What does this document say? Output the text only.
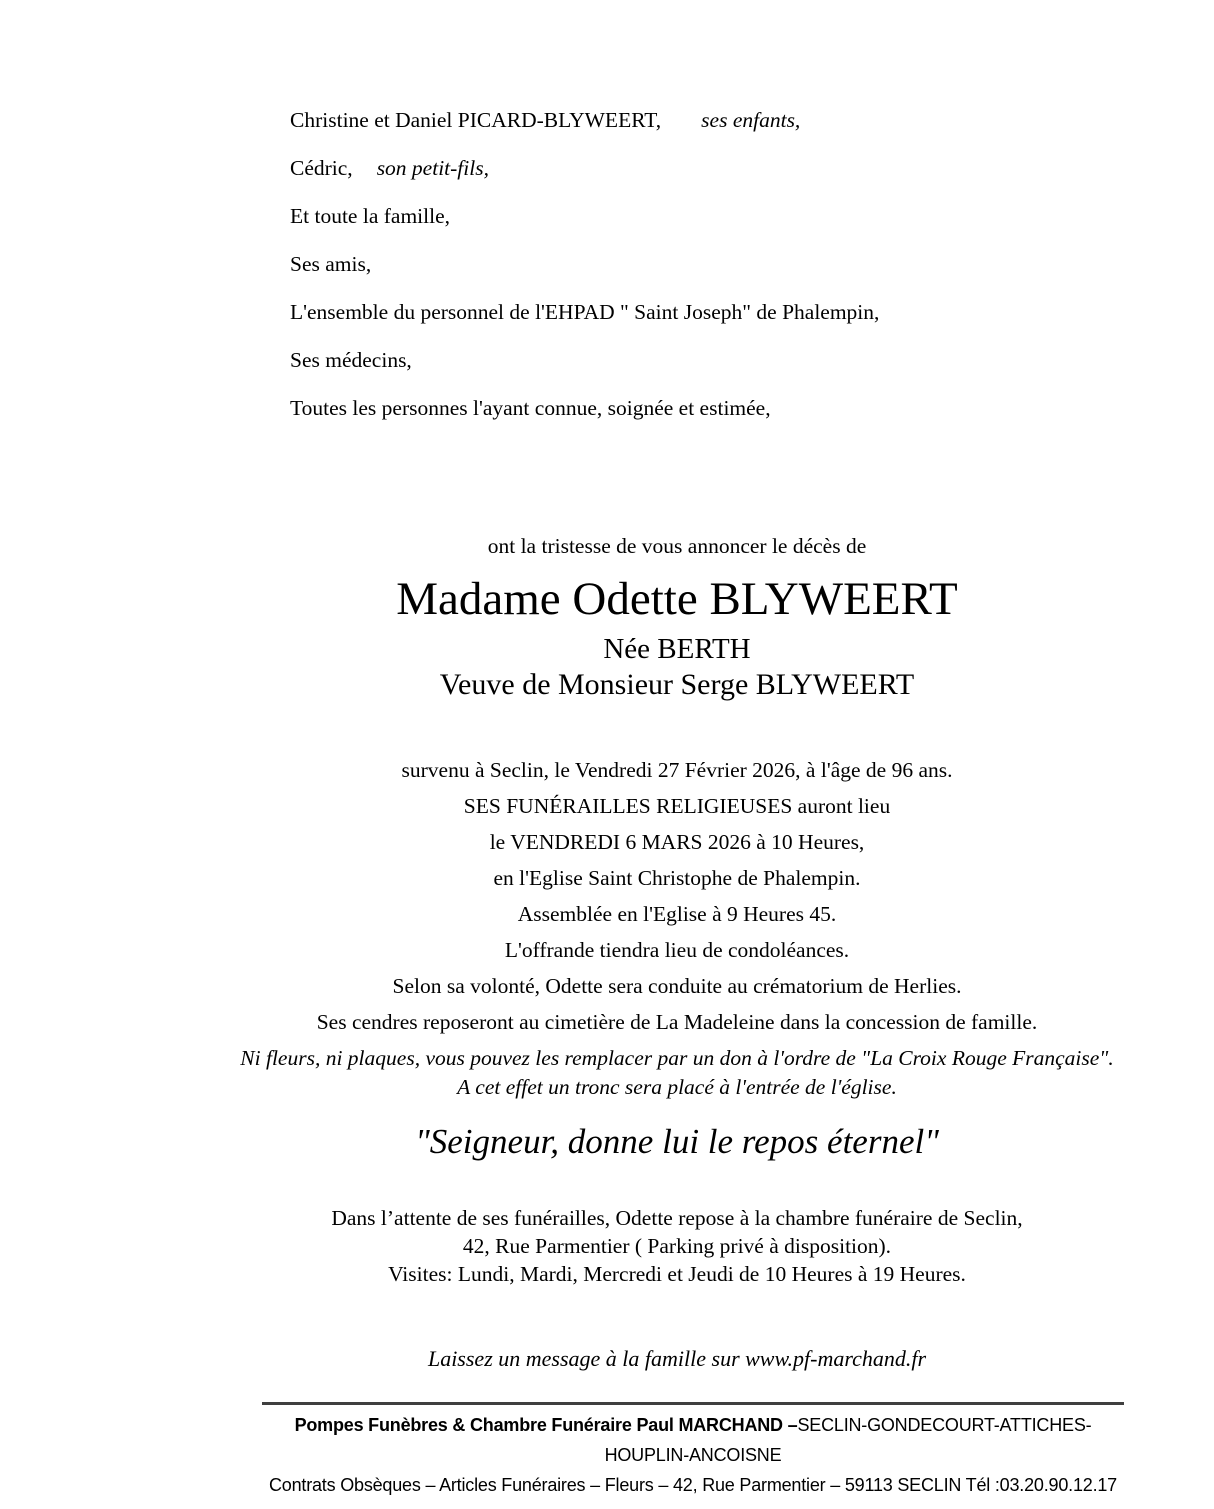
Christine et Daniel PICARD-BLYWEERT, ses enfants,
Cédric, son petit-fils,
Et toute la famille,
Ses amis,
L'ensemble du personnel de l'EHPAD " Saint Joseph" de Phalempin,
Ses médecins,
Toutes les personnes l'ayant connue, soignée et estimée,
ont la tristesse de vous annoncer le décès de
Madame Odette BLYWEERT
Née BERTH
Veuve de Monsieur Serge BLYWEERT
survenu à Seclin, le Vendredi 27 Février 2026, à l'âge de 96 ans.
SES FUNÉRAILLES RELIGIEUSES auront lieu
le VENDREDI 6 MARS 2026 à 10 Heures,
en l'Eglise Saint Christophe de Phalempin.
Assemblée en l'Eglise à 9 Heures 45.
L'offrande tiendra lieu de condoléances.
Selon sa volonté, Odette sera conduite au crématorium de Herlies.
Ses cendres reposeront au cimetière de La Madeleine dans la concession de famille.
Ni fleurs, ni plaques, vous pouvez les remplacer par un don à l'ordre de "La Croix Rouge Française".
A cet effet un tronc sera placé à l'entrée de l'église.
"Seigneur, donne lui le repos éternel"
Dans l’attente de ses funérailles, Odette repose à la chambre funéraire de Seclin,
42, Rue Parmentier ( Parking privé à disposition).
Visites: Lundi, Mardi, Mercredi et Jeudi de 10 Heures à 19 Heures.
Laissez un message à la famille sur www.pf-marchand.fr
Pompes Funèbres & Chambre Funéraire Paul MARCHAND –SECLIN-GONDECOURT-ATTICHES-HOUPLIN-ANCOISNE
Contrats Obsèques – Articles Funéraires – Fleurs – 42, Rue Parmentier – 59113 SECLIN Tél :03.20.90.12.17
